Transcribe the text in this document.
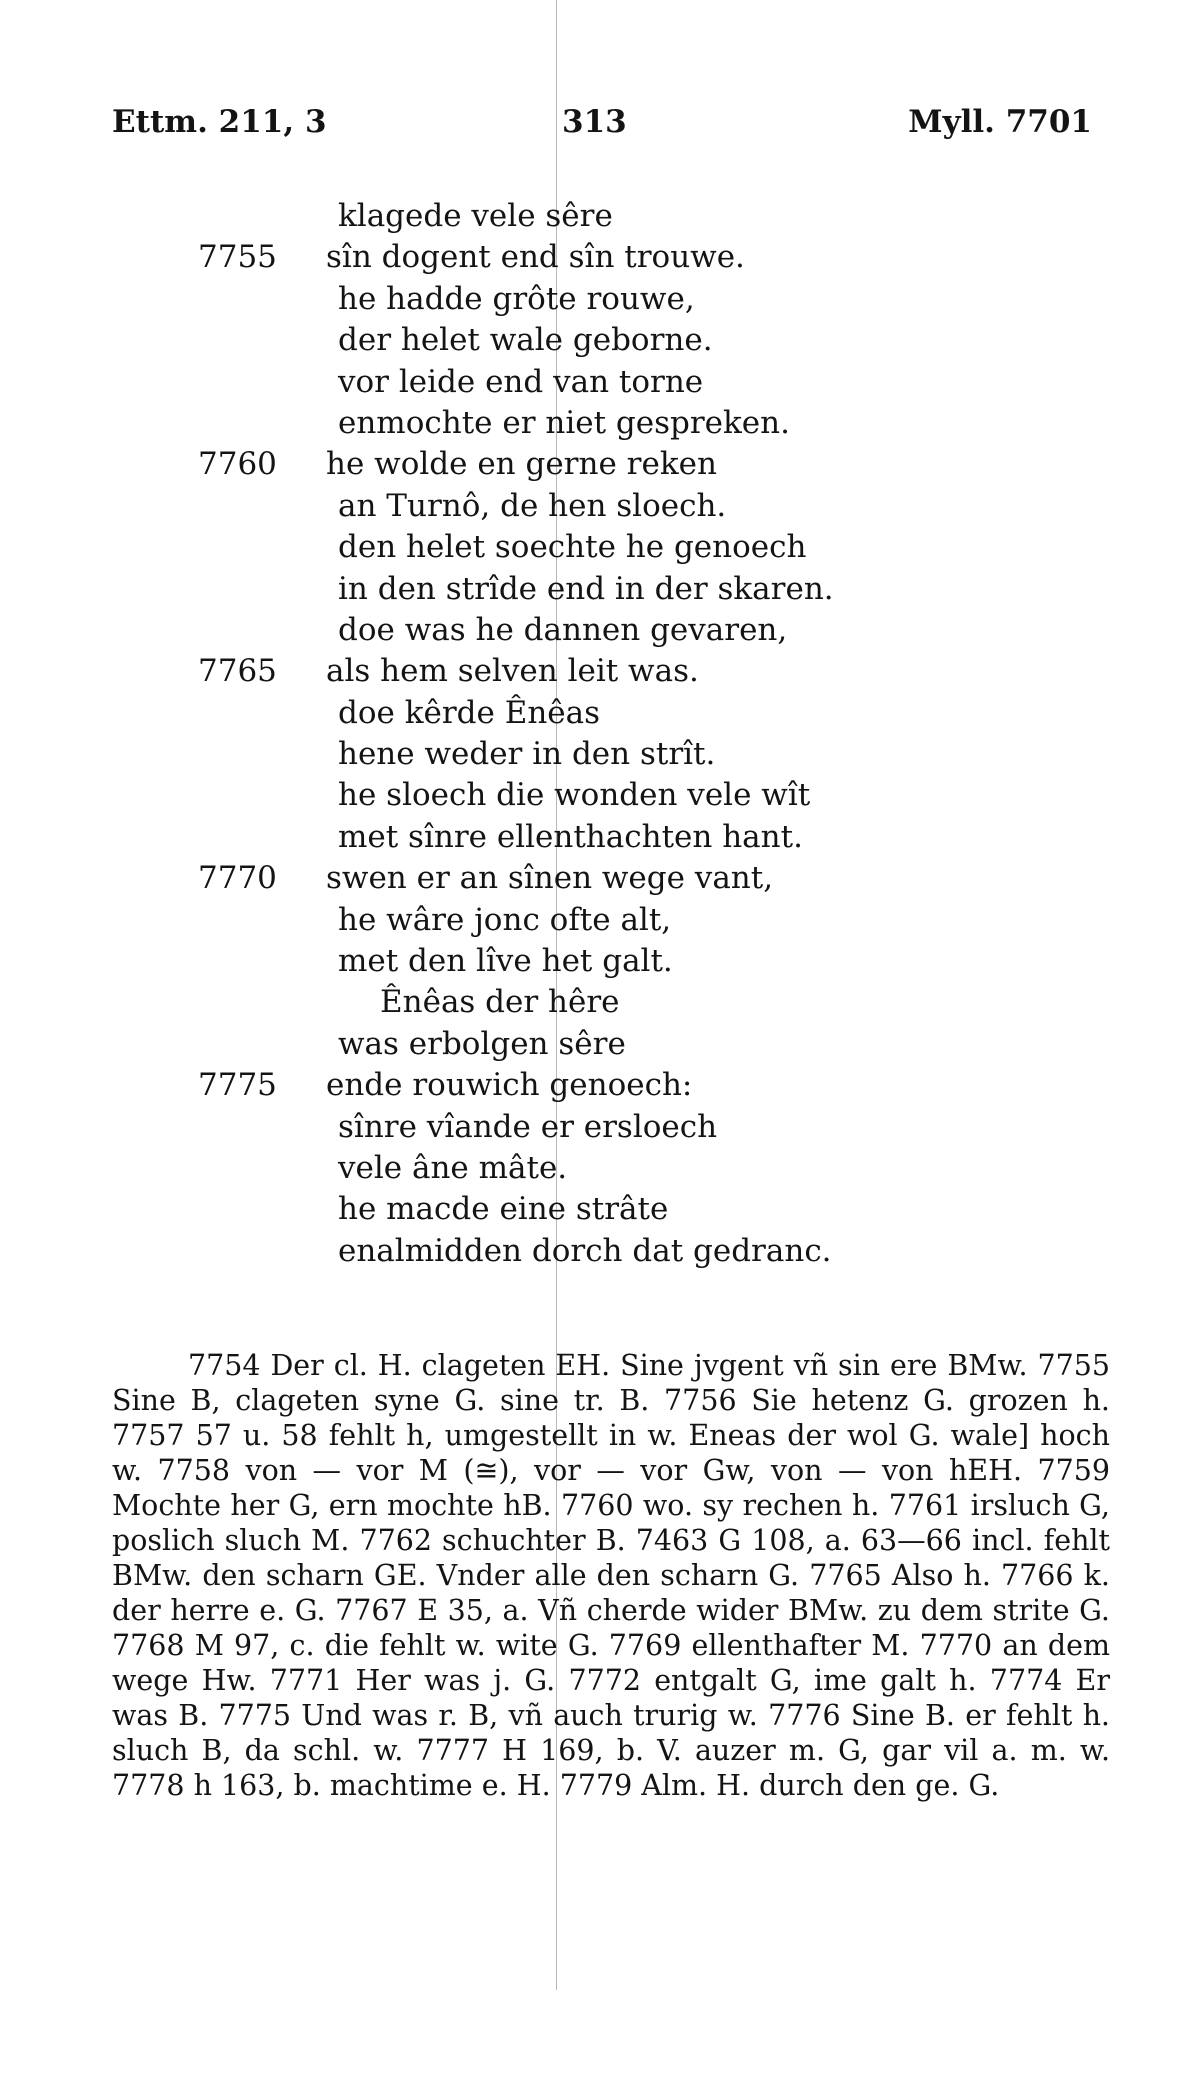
Ettm. 211, 3	313	Myll. 7701
klagede vele sêre
7755	sîn dogent end sîn trouwe.
he hadde grôte rouwe,
der helet wale geborne.
vor leide end van torne
enmochte er niet gespreken.
7760	he wolde en gerne reken
an Turnô, de hen sloech.
den helet soechte he genoech
in den strîde end in der skaren.
doe was he dannen gevaren,
7765	als hem selven leit was.
doe kêrde Ênêas
hene weder in den strît.
he sloech die wonden vele wît
met sînre ellenthachten hant.
7770	swen er an sînen wege vant,
he wâre jonc ofte alt,
met den lîve het galt.
Ênêas der hêre
was erbolgen sêre
7775	ende rouwich genoech:
sînre vîande er ersloech
vele âne mâte.
he macde eine strâte
enalmidden dorch dat gedranc.

7754 Der cl. H. clageten EH. Sine jvgent vñ sin ere BMw. 7755 Sine B, clageten syne G. sine tr. B. 7756 Sie hetenz G. grozen h. 7757 57 u. 58 fehlt h, umgestellt in w. Eneas der wol G. wale] hoch w. 7758 von — vor M (≅), vor — vor Gw, von — von hEH. 7759 Mochte her G, ern mochte hB. 7760 wo. sy rechen h. 7761 irsluch G, poslich sluch M. 7762 schuchter B. 7463 G 108, a. 63—66 incl. fehlt BMw. den scharn GE. Vnder alle den scharn G. 7765 Also h. 7766 k. der herre e. G. 7767 E 35, a. Vñ cherde wider BMw. zu dem strite G. 7768 M 97, c. die fehlt w. wite G. 7769 ellenthafter M. 7770 an dem wege Hw. 7771 Her was j. G. 7772 entgalt G, ime galt h. 7774 Er was B. 7775 Und was r. B, vñ auch trurig w. 7776 Sine B. er fehlt h. sluch B, da schl. w. 7777 H 169, b. V. auzer m. G, gar vil a. m. w. 7778 h 163, b. machtime e. H. 7779 Alm. H. durch den ge. G.
